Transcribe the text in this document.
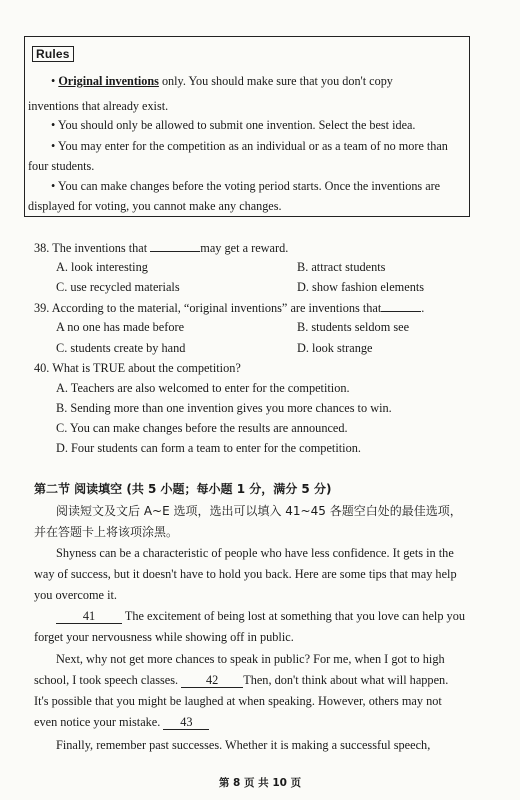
Rules
• Original inventions only. You should make sure that you don't copy
inventions that already exist.
• You should only be allowed to submit one invention. Select the best idea.
• You may enter for the competition as an individual or as a team of no more than
four students.
• You can make changes before the voting period starts. Once the inventions are
displayed for voting, you cannot make any changes.
38. The inventions that	may get a reward.
A. look interesting	B. attract students
C. use recycled materials	D. show fashion elements
39. According to the material, “original inventions” are inventions that	.
A no one has made before	B. students seldom see
C. students create by hand	D. look strange
40. What is TRUE about the competition?
A. Teachers are also welcomed to enter for the competition.
B. Sending more than one invention gives you more chances to win.
C. You can make changes before the results are announced.
D. Four students can form a team to enter for the competition.
第二节 阅读填空 (共 5 小题；每小题 1 分，满分 5 分)
阅读短文及文后 A~E 选项，选出可以填入 41~45 各题空白处的最佳选项，
并在答题卡上将该项涂黑。
Shyness can be a characteristic of people who have less confidence. It gets in the
way of success, but it doesn't have to hold you back. Here are some tips that may help
you overcome it.
41 The excitement of being lost at something that you love can help you
forget your nervousness while showing off in public.
Next, why not get more chances to speak in public? For me, when I got to high
school, I took speech classes. 42 Then, don't think about what will happen.
It's possible that you might be laughed at when speaking. However, others may not
even notice your mistake. 43
Finally, remember past successes. Whether it is making a successful speech,
第 8 页 共 10 页
